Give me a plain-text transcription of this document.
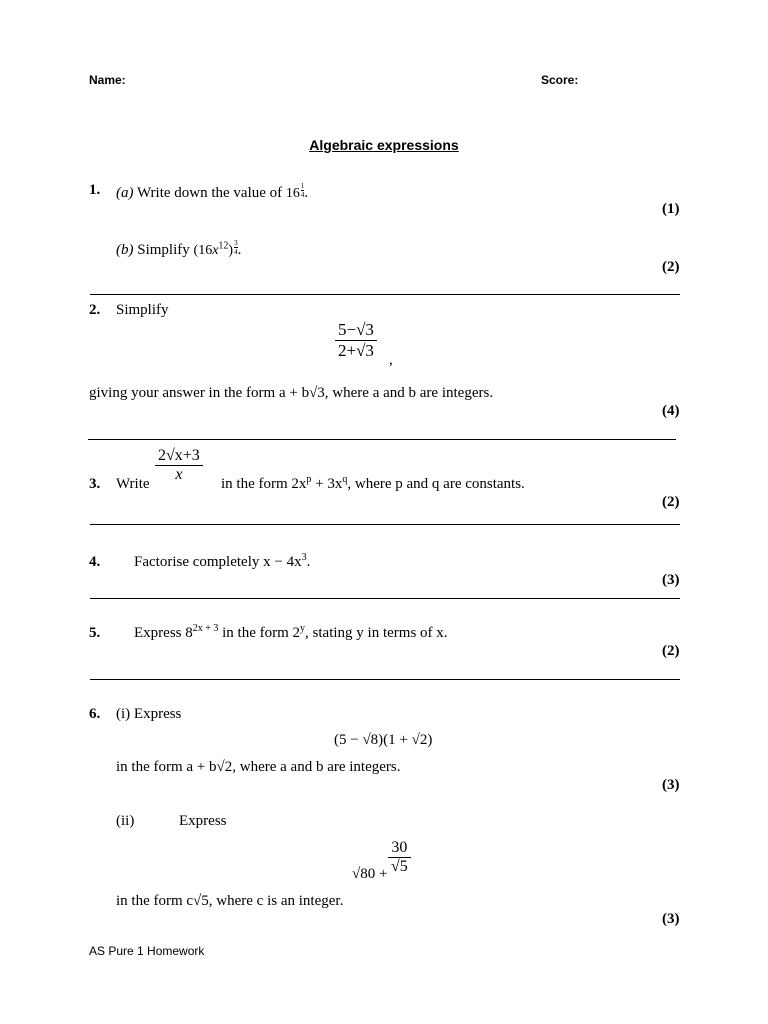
Name:	Score:
Algebraic expressions
1. (a) Write down the value of $16 \frac{1}{4}$ .
(1)
(b) Simplify $(16x^{12}) \frac{3}{4}$ .
(2)
2. Simplify
$\frac{5-√3}{2+√3}$ ,
giving your answer in the form a + b√3, where a and b are integers.
(4)
$\frac{2√x+3}{x}$
3. Write	in the form $2x^p + 3x^q$, where p and q are constants.
(2)
4. Factorise completely $x - 4x^3$.
(3)
5. Express $8^{2x + 3}$ in the form 2$^y$, stating y in terms of x.
(2)
6. (i) Express
(5 − √8)(1 + √2)
in the form a + b√2, where a and b are integers.
(3)
(ii)	Express
$√80 + \frac{30}{√5}$
in the form c√5, where c is an integer.
(3)
AS Pure 1 Homework
